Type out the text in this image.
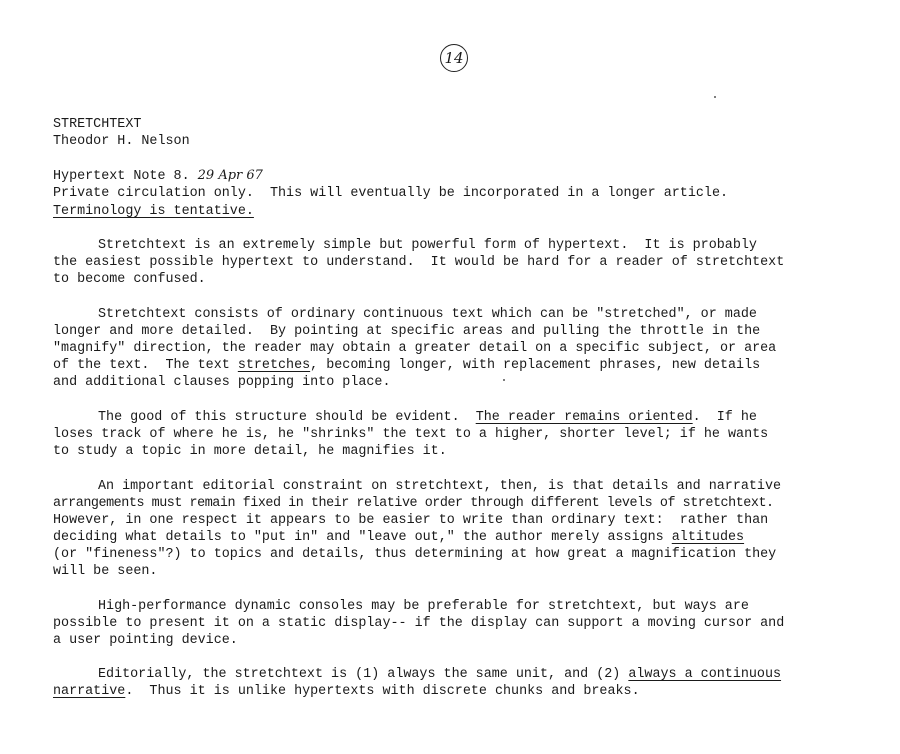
14
STRETCHTEXT
Theodor H. Nelson
Hypertext Note 8. 29 Apr 67
Private circulation only. This will eventually be incorporated in a longer article.
Terminology is tentative.
Stretchtext is an extremely simple but powerful form of hypertext.  It is probably
the easiest possible hypertext to understand.  It would be hard for a reader of stretchtext
to become confused.
Stretchtext consists of ordinary continuous text which can be "stretched", or made
longer and more detailed.  By pointing at specific areas and pulling the throttle in the
"magnify" direction, the reader may obtain a greater detail on a specific subject, or area
of the text.  The text stretches, becoming longer, with replacement phrases, new details
and additional clauses popping into place.
The good of this structure should be evident.  The reader remains oriented.  If he
loses track of where he is, he "shrinks" the text to a higher, shorter level; if he wants
to study a topic in more detail, he magnifies it.
An important editorial constraint on stretchtext, then, is that details and narrative
arrangements must remain fixed in their relative order through different levels of stretchtext.
However, in one respect it appears to be easier to write than ordinary text:  rather than
deciding what details to "put in" and "leave out," the author merely assigns altitudes
(or "fineness"?) to topics and details, thus determining at how great a magnification they
will be seen.
High-performance dynamic consoles may be preferable for stretchtext, but ways are
possible to present it on a static display-- if the display can support a moving cursor and
a user pointing device.
Editorially, the stretchtext is (1) always the same unit, and (2) always a continuous
narrative.  Thus it is unlike hypertexts with discrete chunks and breaks.
